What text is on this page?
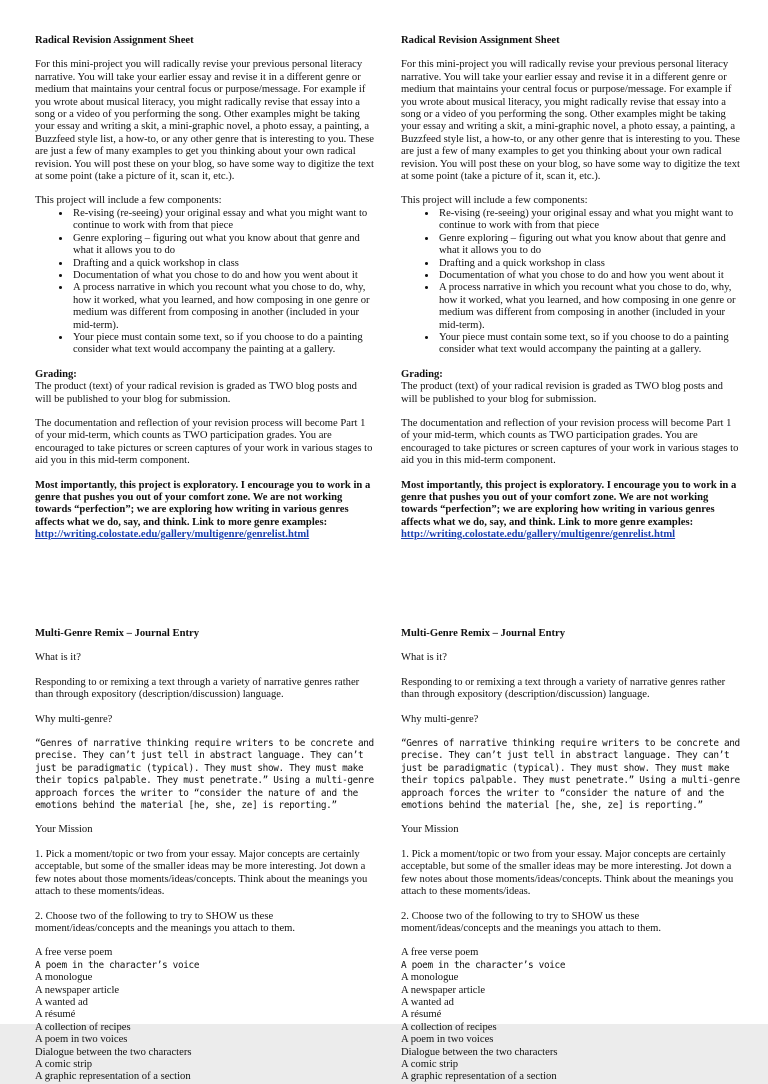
Radical Revision Assignment Sheet

For this mini-project you will radically revise your previous personal literacy narrative. You will take your earlier essay and revise it in a different genre or medium that maintains your central focus or purpose/message. For example if you wrote about musical literacy, you might radically revise that essay into a song or a video of you performing the song. Other examples might be taking your essay and writing a skit, a mini-graphic novel, a photo essay, a painting, a Buzzfeed style list, a how-to, or any other genre that is interesting to you. These are just a few of many examples to get you thinking about your own radical revision. You will post these on your blog, so have some way to digitize the text at some point (take a picture of it, scan it, etc.).

This project will include a few components:

• Re-vising (re-seeing) your original essay and what you might want to continue to work with from that piece
• Genre exploring – figuring out what you know about that genre and what it allows you to do
• Drafting and a quick workshop in class
• Documentation of what you chose to do and how you went about it
• A process narrative in which you recount what you chose to do, why, how it worked, what you learned, and how composing in one genre or medium was different from composing in another (included in your mid-term).
• Your piece must contain some text, so if you choose to do a painting consider what text would accompany the painting at a gallery.

Grading:
The product (text) of your radical revision is graded as TWO blog posts and will be published to your blog for submission.

The documentation and reflection of your revision process will become Part 1 of your mid-term, which counts as TWO participation grades. You are encouraged to take pictures or screen captures of your work in various stages to aid you in this mid-term component.

Most importantly, this project is exploratory. I encourage you to work in a genre that pushes you out of your comfort zone. We are not working towards “perfection”; we are exploring how writing in various genres affects what we do, say, and think. Link to more genre examples:
http://writing.colostate.edu/gallery/multigenre/genrelist.html

Radical Revision Assignment Sheet

For this mini-project you will radically revise your previous personal literacy narrative. You will take your earlier essay and revise it in a different genre or medium that maintains your central focus or purpose/message. For example if you wrote about musical literacy, you might radically revise that essay into a song or a video of you performing the song. Other examples might be taking your essay and writing a skit, a mini-graphic novel, a photo essay, a painting, a Buzzfeed style list, a how-to, or any other genre that is interesting to you. These are just a few of many examples to get you thinking about your own radical revision. You will post these on your blog, so have some way to digitize the text at some point (take a picture of it, scan it, etc.).

This project will include a few components:

• Re-vising (re-seeing) your original essay and what you might want to continue to work with from that piece
• Genre exploring – figuring out what you know about that genre and what it allows you to do
• Drafting and a quick workshop in class
• Documentation of what you chose to do and how you went about it
• A process narrative in which you recount what you chose to do, why, how it worked, what you learned, and how composing in one genre or medium was different from composing in another (included in your mid-term).
• Your piece must contain some text, so if you choose to do a painting consider what text would accompany the painting at a gallery.

Grading:
The product (text) of your radical revision is graded as TWO blog posts and will be published to your blog for submission.

The documentation and reflection of your revision process will become Part 1 of your mid-term, which counts as TWO participation grades. You are encouraged to take pictures or screen captures of your work in various stages to aid you in this mid-term component.

Most importantly, this project is exploratory. I encourage you to work in a genre that pushes you out of your comfort zone. We are not working towards “perfection”; we are exploring how writing in various genres affects what we do, say, and think. Link to more genre examples:
http://writing.colostate.edu/gallery/multigenre/genrelist.html

Multi-Genre Remix – Journal Entry

What is it?

Responding to or remixing a text through a variety of narrative genres rather than through expository (description/discussion) language.

Why multi-genre?

“Genres of narrative thinking require writers to be concrete and precise. They can’t just tell in abstract language. They can’t just be paradigmatic (typical). They must show. They must make their topics palpable. They must penetrate.” Using a multi-genre approach forces the writer to “consider the nature of and the emotions behind the material [he, she, ze] is reporting.”

Your Mission

1. Pick a moment/topic or two from your essay. Major concepts are certainly acceptable, but some of the smaller ideas may be more interesting. Jot down a few notes about those moments/ideas/concepts. Think about the meanings you attach to these moments/ideas.

2. Choose two of the following to try to SHOW us these moment/ideas/concepts and the meanings you attach to them.

A free verse poem
A poem in the character’s voice
A monologue
A newspaper article
A wanted ad
A résumé
A collection of recipes
A poem in two voices
Dialogue between the two characters
A comic strip
A graphic representation of a section
Multi-Genre Remix – Journal Entry

What is it?

Responding to or remixing a text through a variety of narrative genres rather than through expository (description/discussion) language.

Why multi-genre?

“Genres of narrative thinking require writers to be concrete and precise. They can’t just tell in abstract language. They can’t just be paradigmatic (typical). They must show. They must make their topics palpable. They must penetrate.” Using a multi-genre approach forces the writer to “consider the nature of and the emotions behind the material [he, she, ze] is reporting.”

Your Mission

1. Pick a moment/topic or two from your essay. Major concepts are certainly acceptable, but some of the smaller ideas may be more interesting. Jot down a few notes about those moments/ideas/concepts. Think about the meanings you attach to these moments/ideas.

2. Choose two of the following to try to SHOW us these moment/ideas/concepts and the meanings you attach to them.

A free verse poem
A poem in the character’s voice
A monologue
A newspaper article
A wanted ad
A résumé
A collection of recipes
A poem in two voices
Dialogue between the two characters
A comic strip
A graphic representation of a section
